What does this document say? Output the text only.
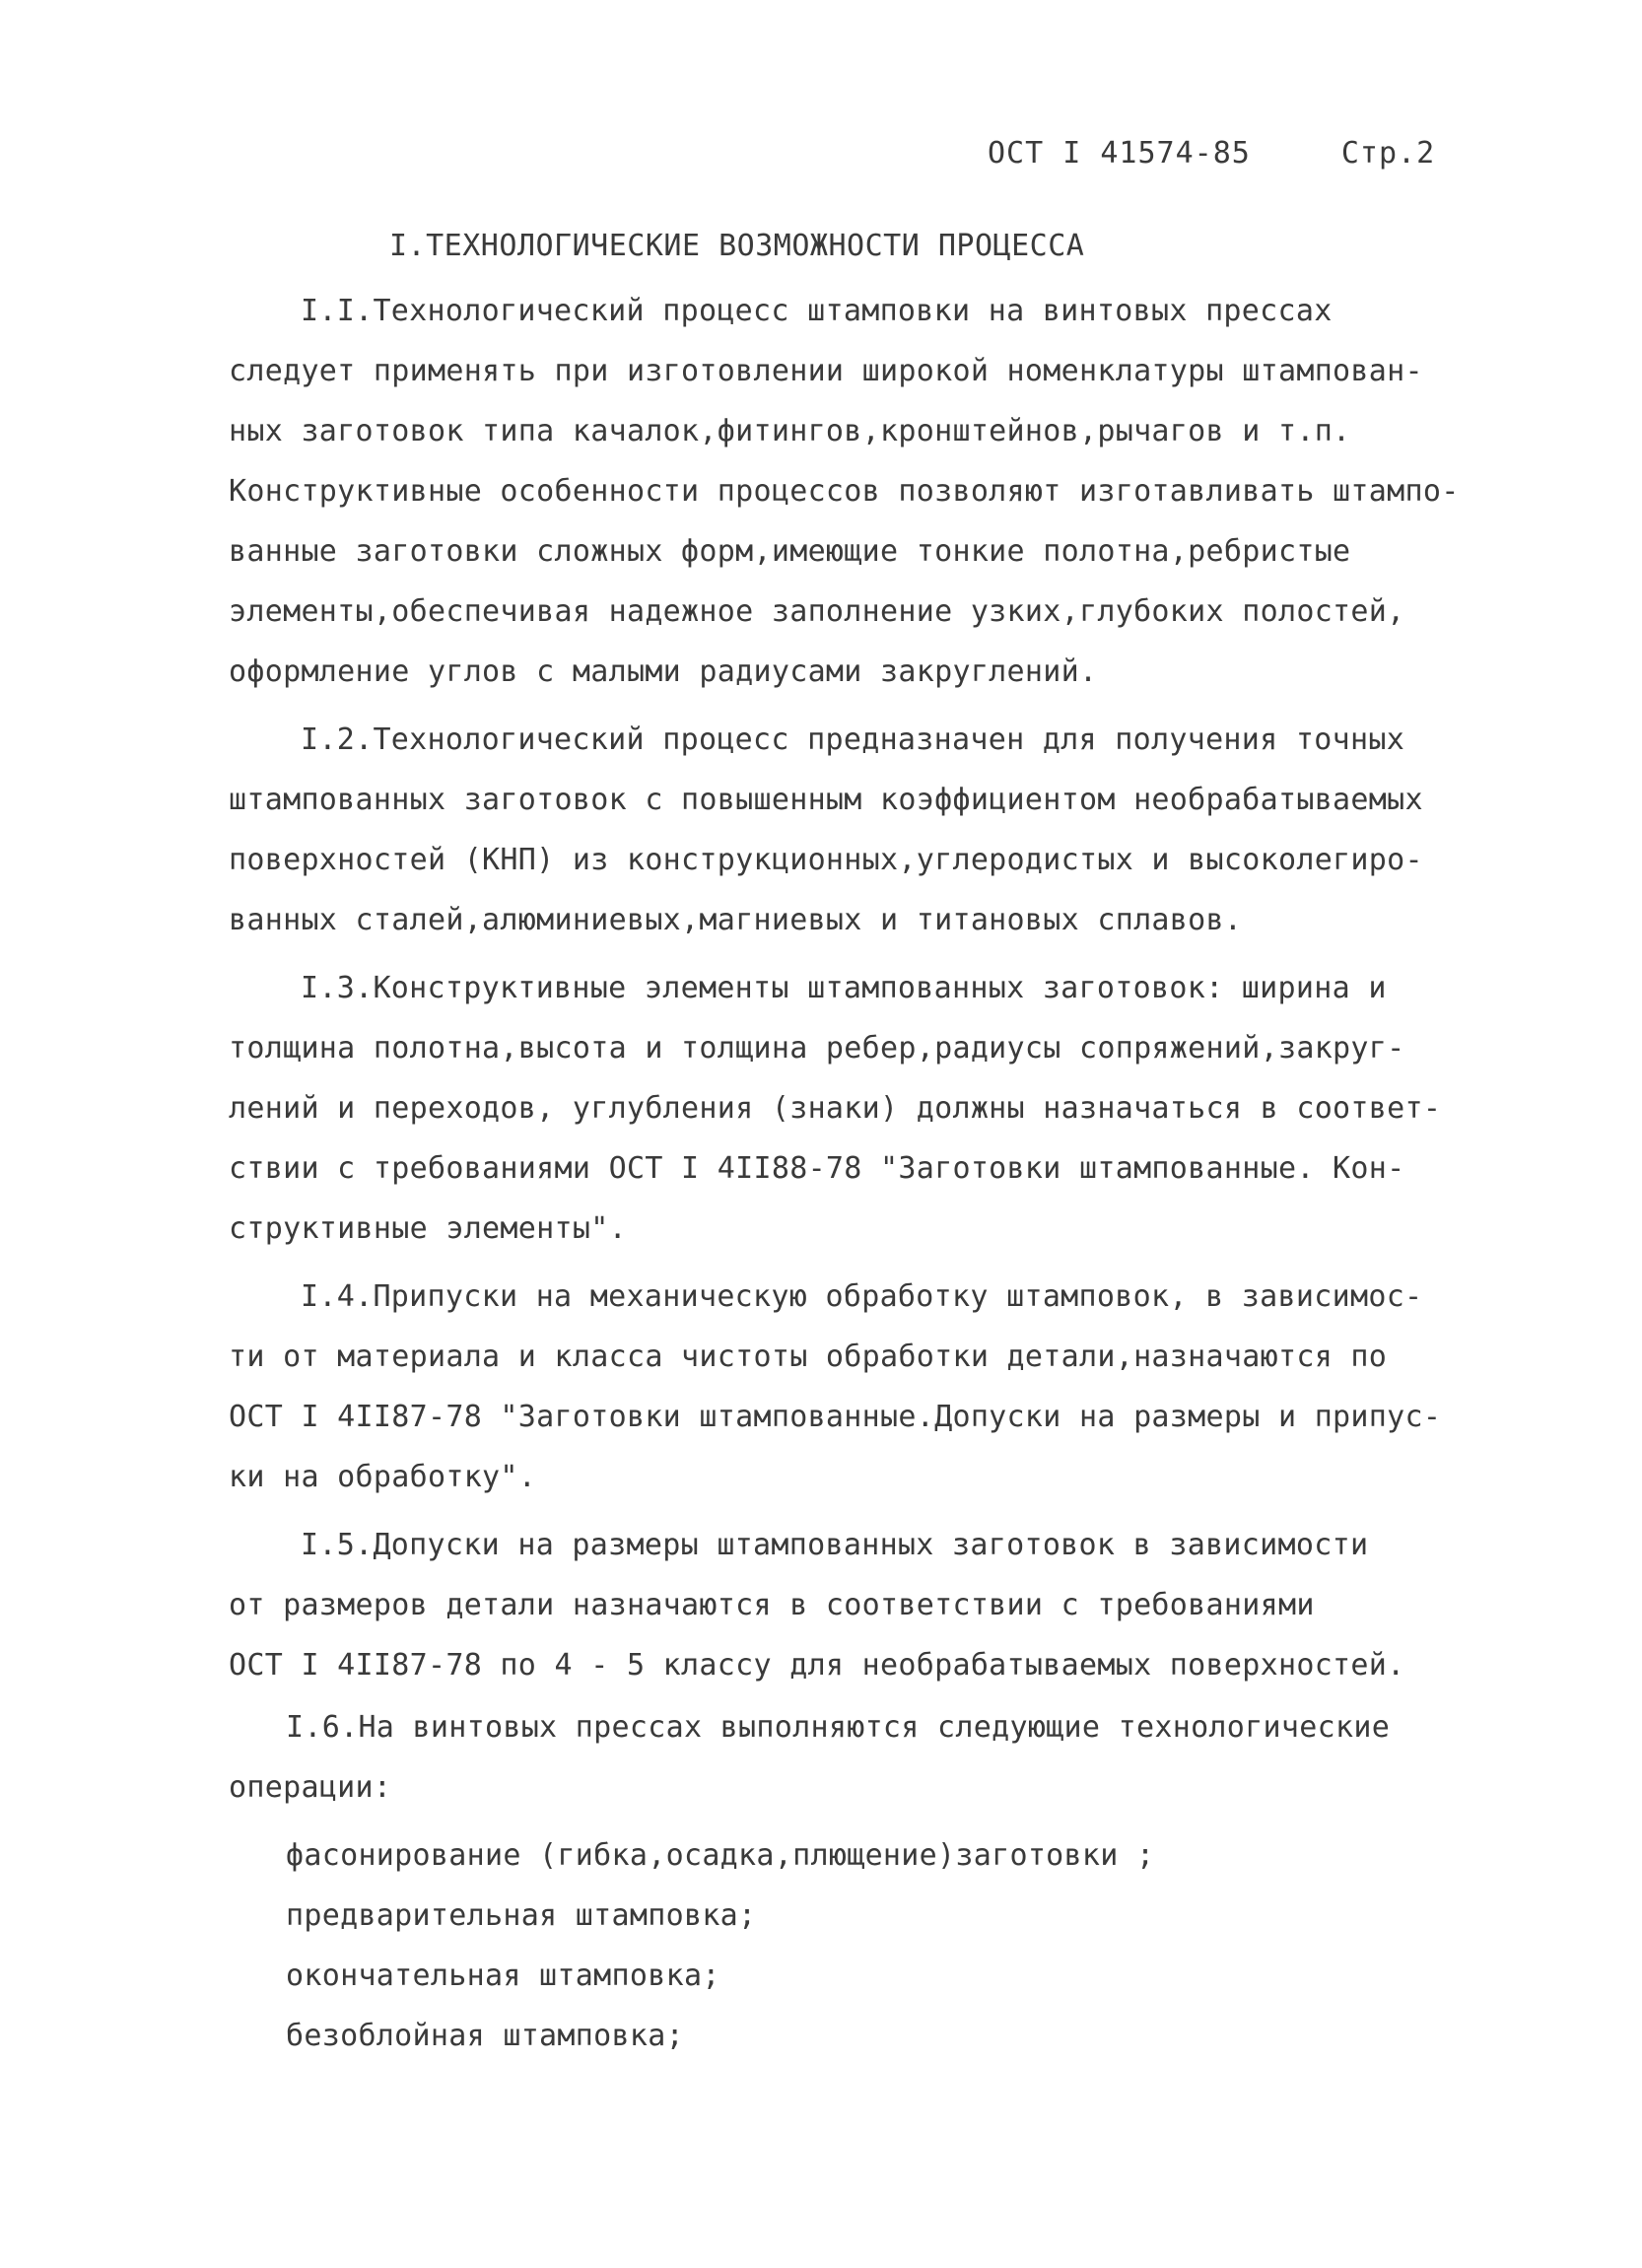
ОСТ I 41574-85	Стр.2
I.ТЕХНОЛОГИЧЕСКИЕ ВОЗМОЖНОСТИ ПРОЦЕССА
I.I.Технологический процесс штамповки на винтовых прессах
следует применять при изготовлении широкой номенклатуры штампован-
ных заготовок типа качалок,фитингов,кронштейнов,рычагов и т.п.
Конструктивные особенности процессов позволяют изготавливать штампо-
ванные заготовки сложных форм,имеющие тонкие полотна,ребристые
элементы,обеспечивая надежное заполнение узких,глубоких полостей,
оформление углов с малыми радиусами закруглений.
I.2.Технологический процесс предназначен для получения точных
штампованных заготовок с повышенным коэффициентом необрабатываемых
поверхностей (КНП) из конструкционных,углеродистых и высоколегиро-
ванных сталей,алюминиевых,магниевых и титановых сплавов.
I.3.Конструктивные элементы штампованных заготовок: ширина и
толщина полотна,высота и толщина ребер,радиусы сопряжений,закруг-
лений и переходов, углубления (знаки) должны назначаться в соответ-
ствии с требованиями ОСТ I 4II88-78 "Заготовки штампованные. Кон-
структивные элементы".
I.4.Припуски на механическую обработку штамповок, в зависимос-
ти от материала и класса чистоты обработки детали,назначаются по
ОСТ I 4II87-78 "Заготовки штампованные.Допуски на размеры и припус-
ки на обработку".
I.5.Допуски на размеры штампованных заготовок в зависимости
от размеров детали назначаются в соответствии с требованиями
ОСТ I 4II87-78 по 4 - 5 классу для необрабатываемых поверхностей.
I.6.На винтовых прессах выполняются следующие технологические
операции:
фасонирование (гибка,осадка,плющение)заготовки ;
предварительная штамповка;
окончательная штамповка;
безоблойная штамповка;
